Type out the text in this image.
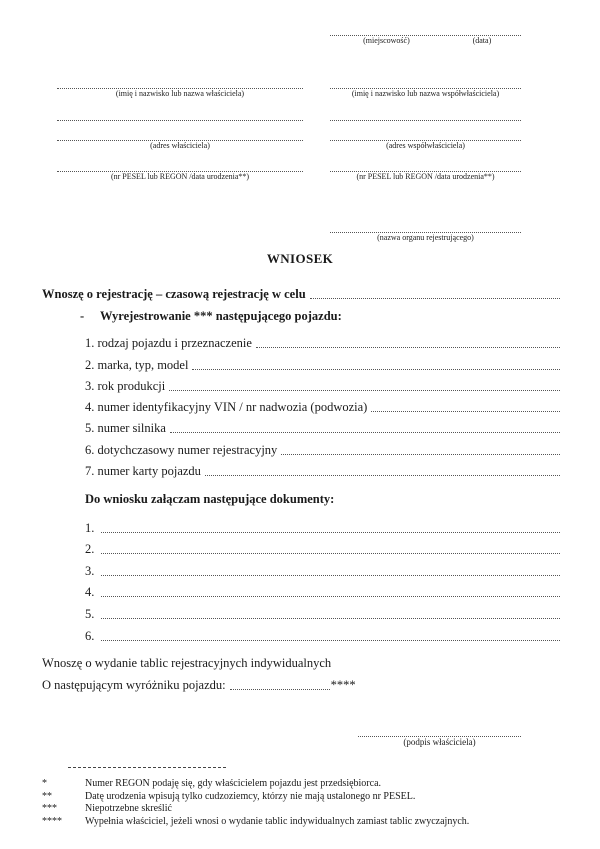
(miejscowość)	(data)
(imię i nazwisko lub nazwa właściciela)
(adres właściciela)
(nr PESEL lub REGON /data urodzenia**)
(imię i nazwisko lub nazwa współwłaściciela)
(adres współwłaściciela)
(nr PESEL lub REGON /data urodzenia**)
(nazwa organu rejestrującego)
WNIOSEK
Wnoszę o rejestrację – czasową rejestrację w celu
- Wyrejestrowanie *** następującego pojazdu:
1. rodzaj pojazdu i przeznaczenie
2. marka, typ, model
3. rok produkcji
4. numer identyfikacyjny VIN / nr nadwozia (podwozia)
5. numer silnika
6. dotychczasowy numer rejestracyjny
7. numer karty pojazdu
Do wniosku załączam następujące dokumenty:
1.
2.
3.
4.
5.
6.
Wnoszę o wydanie tablic rejestracyjnych indywidualnych
O następującym wyróżniku pojazdu:	****
(podpis właściciela)
*	Numer REGON podaję się, gdy właścicielem pojazdu jest przedsiębiorca.
**	Datę urodzenia wpisują tylko cudzoziemcy, którzy nie mają ustalonego nr PESEL.
***	Niepotrzebne skreślić
****	Wypełnia właściciel, jeżeli wnosi o wydanie tablic indywidualnych zamiast tablic zwyczajnych.
